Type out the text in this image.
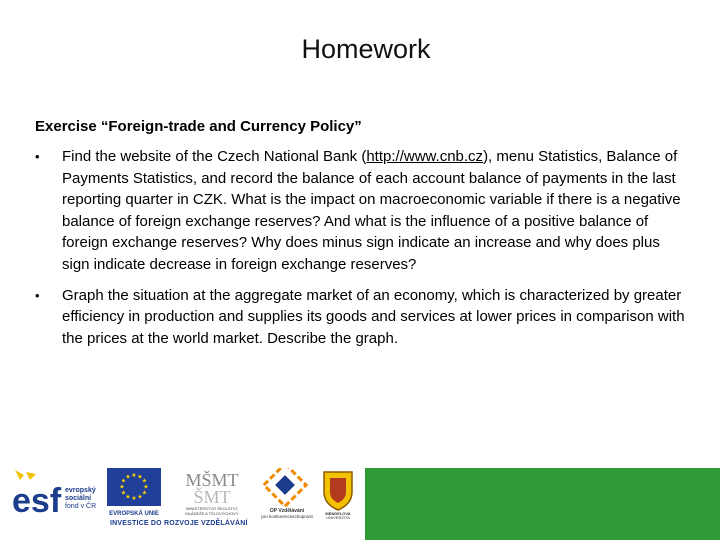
Homework
Exercise “Foreign-trade and Currency Policy”
• Find the website of the Czech National Bank (http://www.cnb.cz), menu Statistics, Balance of Payments Statistics, and record the balance of each account balance of payments in the last reporting quarter in CZK. What is the impact on macroeconomic variable if there is a negative balance of foreign exchange reserves? And what is the influence of a positive balance of foreign exchange reserves? Why does minus sign indicate an increase and why does plus sign indicate decrease in foreign exchange reserves?

• Graph the situation at the aggregate market of an economy, which is characterized by greater efficiency in production and supplies its goods and services at lower prices in comparison with the prices at the world market. Describe the graph.

esf evropský
sociální
fond v ČR
★ ★
★
★
★
★
★
★
★
★
★
★
EVROPSKÁ UNIE
MŠMT
ŠMT
MINISTERSTVO ŠKOLSTVÍ,
MLÁDEŽE A TĚLOVÝCHOVY	OP Vzdělávání
pro konkurenceschopnost
MENDELOVA
UNIVERZITA
INVESTICE DO ROZVOJE VZDĚLÁVÁNÍ
